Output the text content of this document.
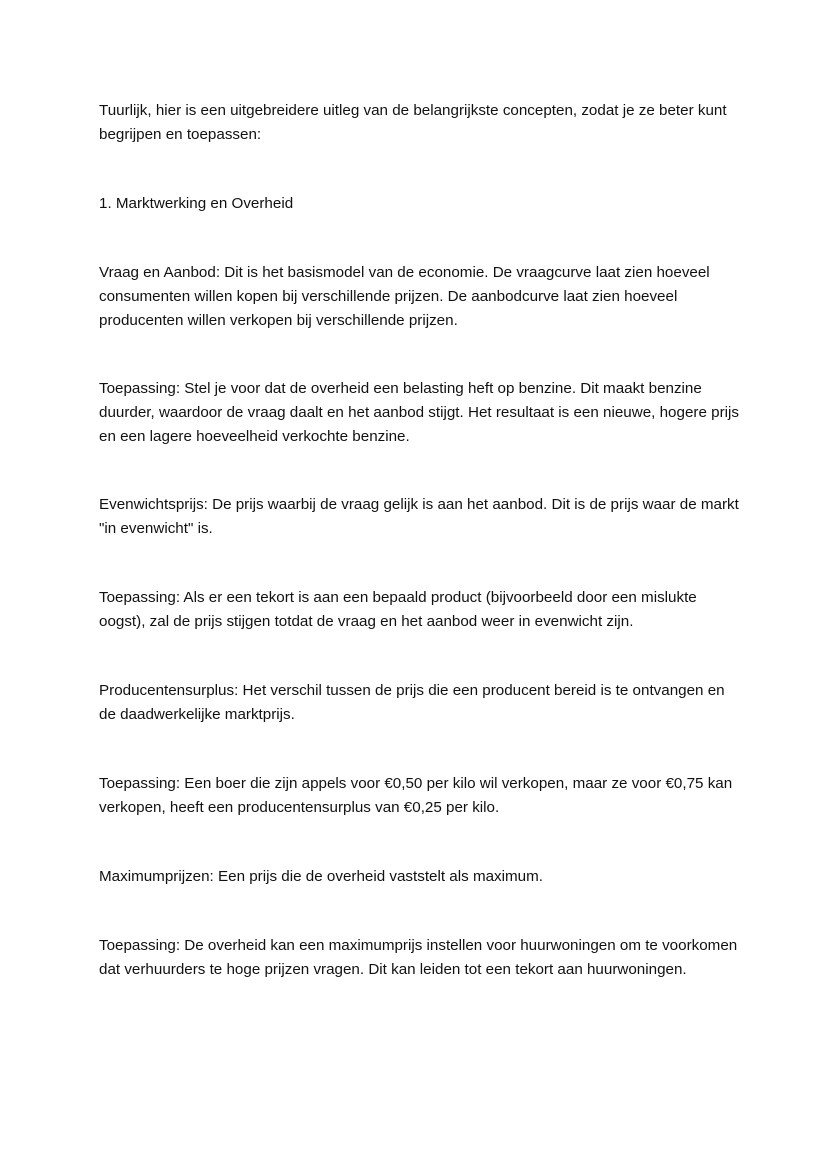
Tuurlijk, hier is een uitgebreidere uitleg van de belangrijkste concepten, zodat je ze beter kunt begrijpen en toepassen:

1. Marktwerking en Overheid

Vraag en Aanbod: Dit is het basismodel van de economie. De vraagcurve laat zien hoeveel consumenten willen kopen bij verschillende prijzen. De aanbodcurve laat zien hoeveel producenten willen verkopen bij verschillende prijzen.

Toepassing: Stel je voor dat de overheid een belasting heft op benzine. Dit maakt benzine duurder, waardoor de vraag daalt en het aanbod stijgt. Het resultaat is een nieuwe, hogere prijs en een lagere hoeveelheid verkochte benzine.

Evenwichtsprijs: De prijs waarbij de vraag gelijk is aan het aanbod. Dit is de prijs waar de markt "in evenwicht" is.

Toepassing: Als er een tekort is aan een bepaald product (bijvoorbeeld door een mislukte oogst), zal de prijs stijgen totdat de vraag en het aanbod weer in evenwicht zijn.

Producentensurplus: Het verschil tussen de prijs die een producent bereid is te ontvangen en de daadwerkelijke marktprijs.

Toepassing: Een boer die zijn appels voor €0,50 per kilo wil verkopen, maar ze voor €0,75 kan verkopen, heeft een producentensurplus van €0,25 per kilo.

Maximumprijzen: Een prijs die de overheid vaststelt als maximum.

Toepassing: De overheid kan een maximumprijs instellen voor huurwoningen om te voorkomen dat verhuurders te hoge prijzen vragen. Dit kan leiden tot een tekort aan huurwoningen.
